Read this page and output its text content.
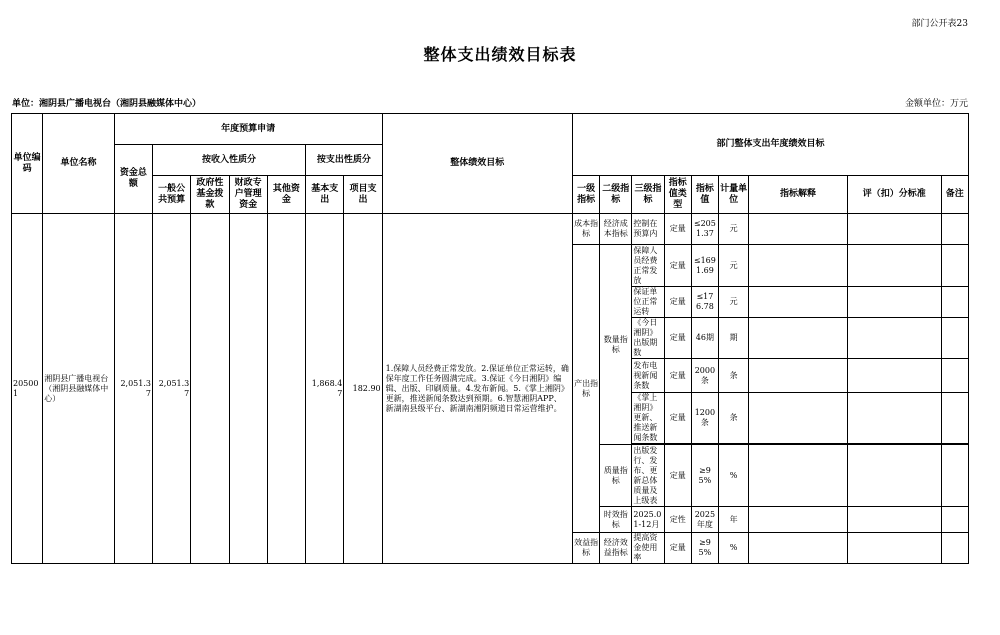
部门公开表23
整体支出绩效目标表
单位：湘阴县广播电视台（湘阴县融媒体中心）	金额单位：万元
单位编码	单位名称	年度预算申请							整体绩效目标	部门整体支出年度绩效目标								
		资金总额	按收入性质分				按支出性质分											
			一般公共预算	政府性基金拨款	财政专户管理资金	其他资金	基本支出	项目支出		一级指标	二级指标	三级指标	指标值类型	指标值	计量单位	指标解释	评（扣）分标准	备注
205001	湘阴县广播电视台（湘阴县融媒体中心）	2,051.37	2,051.37				1,868.47	182.90	1.保障人员经费正常发放。2.保证单位正常运转，确保年度工作任务圆满完成。3.保证《今日湘阴》编辑、出版、印刷质量。4.发布新闻。5.《掌上湘阴》更新，推送新闻条数达到预期。6.智慧湘阴APP、新湖南县级平台、新湖南湘阴频道日常运营维护。	成本指标	经济成本指标	控制在预算内	定量	≤2051.37	元			
										产出指标	数量指标	保障人员经费正常发放	定量	≤1691.69	元			
												保证单位正常运转	定量	≤176.78	元			
												《今日湘阴》出版期数	定量	46期	期			
												发布电视新闻条数	定量	2000条	条			
												《掌上湘阴》更新、推送新闻条数	定量	1200条	条			

											质量指标	出版发行、发布、更新总体质量及上级表	定量	≥95%	%			
											时效指标	2025.01-12月	定性	2025年度	年			
										效益指标	经济效益指标	提高资金使用率	定量	≥95%	%			
